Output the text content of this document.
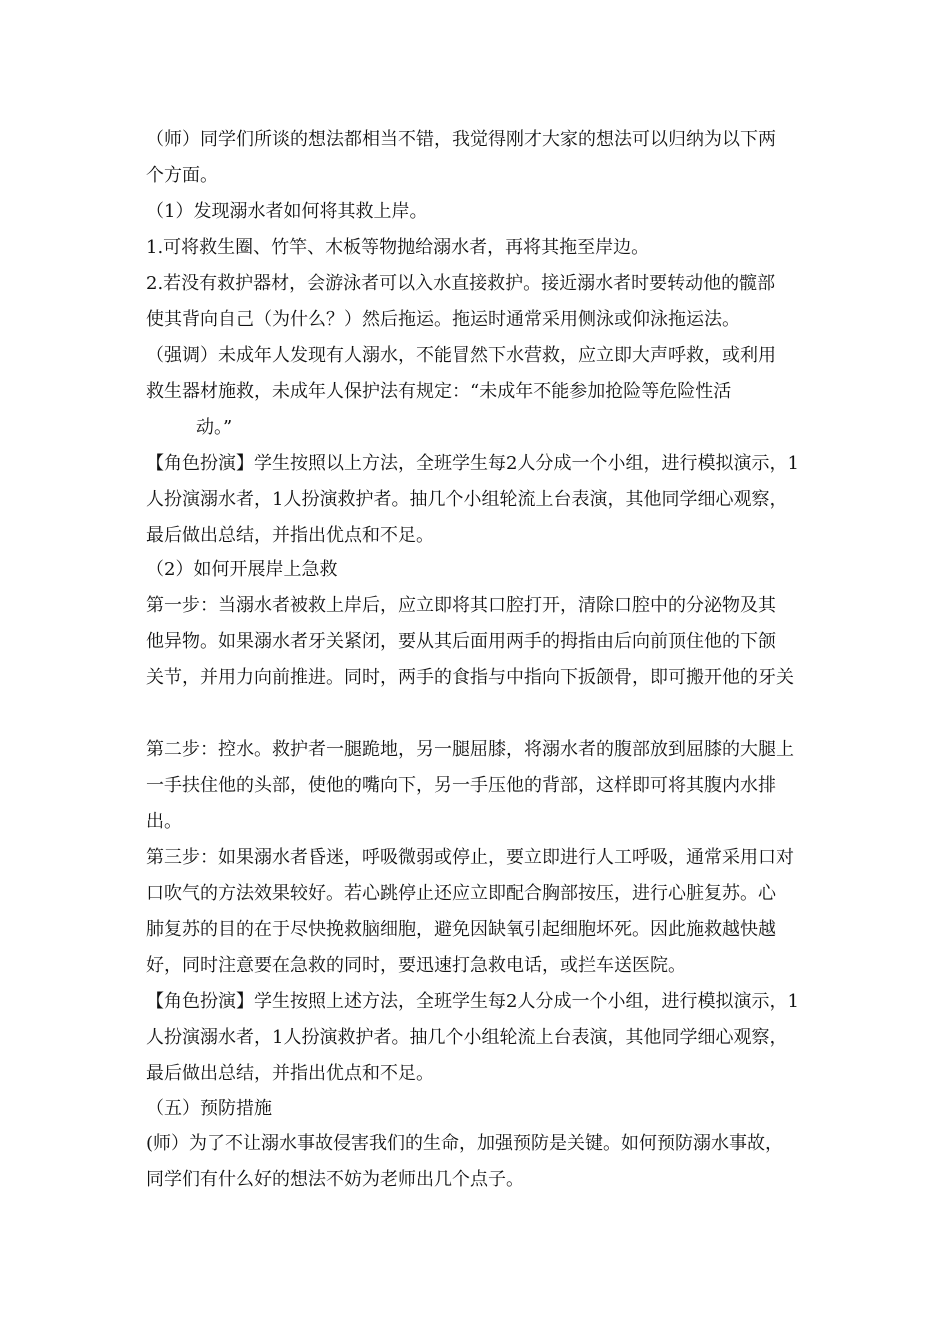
（师）同学们所谈的想法都相当不错，我觉得刚才大家的想法可以归纳为以下两
个方面。
（1）发现溺水者如何将其救上岸。
1.可将救生圈、竹竿、木板等物抛给溺水者，再将其拖至岸边。
2.若没有救护器材，会游泳者可以入水直接救护。接近溺水者时要转动他的髋部
使其背向自己（为什么？）然后拖运。拖运时通常采用侧泳或仰泳拖运法。
（强调）未成年人发现有人溺水，不能冒然下水营救，应立即大声呼救，或利用
救生器材施救，未成年人保护法有规定：“未成年不能参加抢险等危险性活
动。”
【角色扮演】学生按照以上方法，全班学生每2人分成一个小组，进行模拟演示，1
人扮演溺水者，1人扮演救护者。抽几个小组轮流上台表演，其他同学细心观察，
最后做出总结，并指出优点和不足。
（2）如何开展岸上急救
第一步：当溺水者被救上岸后，应立即将其口腔打开，清除口腔中的分泌物及其
他异物。如果溺水者牙关紧闭，要从其后面用两手的拇指由后向前顶住他的下颌
关节，并用力向前推进。同时，两手的食指与中指向下扳颌骨，即可搬开他的牙关
第二步：控水。救护者一腿跪地，另一腿屈膝，将溺水者的腹部放到屈膝的大腿上
一手扶住他的头部，使他的嘴向下，另一手压他的背部，这样即可将其腹内水排
出。
第三步：如果溺水者昏迷，呼吸微弱或停止，要立即进行人工呼吸，通常采用口对
口吹气的方法效果较好。若心跳停止还应立即配合胸部按压，进行心脏复苏。心
肺复苏的目的在于尽快挽救脑细胞，避免因缺氧引起细胞坏死。因此施救越快越
好，同时注意要在急救的同时，要迅速打急救电话，或拦车送医院。
【角色扮演】学生按照上述方法，全班学生每2人分成一个小组，进行模拟演示，1
人扮演溺水者，1人扮演救护者。抽几个小组轮流上台表演，其他同学细心观察，
最后做出总结，并指出优点和不足。
（五）预防措施
(师）为了不让溺水事故侵害我们的生命，加强预防是关键。如何预防溺水事故，
同学们有什么好的想法不妨为老师出几个点子。
